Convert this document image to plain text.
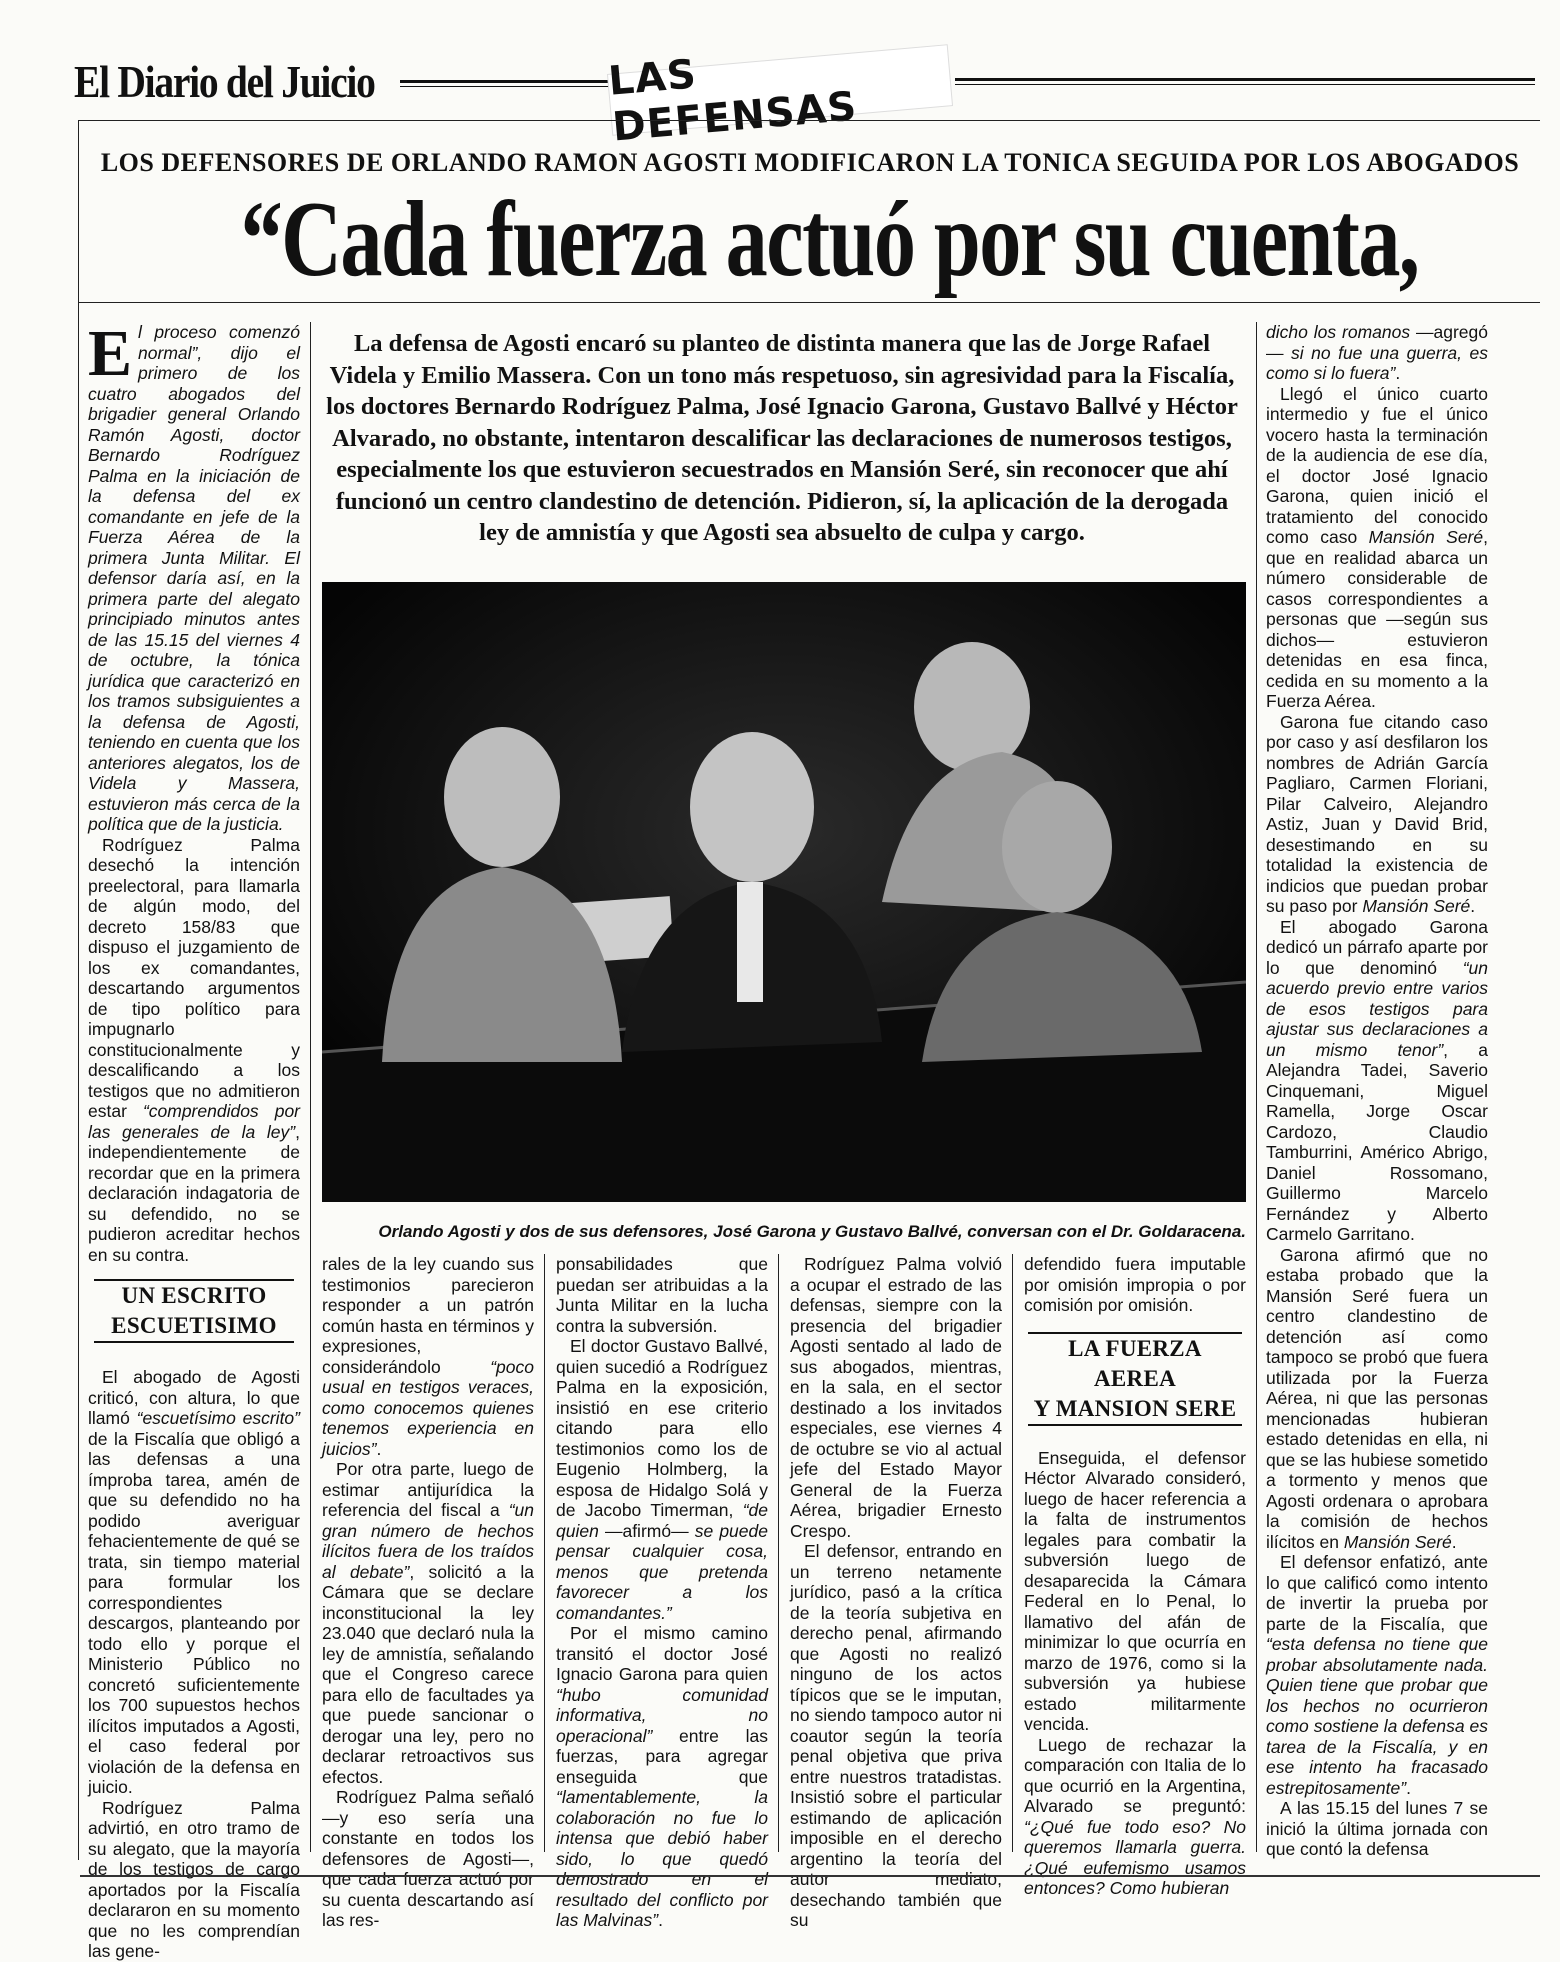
El Diario del Juicio	LAS DEFENSAS
LOS DEFENSORES DE ORLANDO RAMON AGOSTI MODIFICARON LA TONICA SEGUIDA POR LOS ABOGADOS
“Cada fuerza actuó por su cuenta,

El proceso comenzó normal”, dijo el primero de los cuatro abogados del brigadier general Orlando Ramón Agosti, doctor Bernardo Rodríguez Palma en la iniciación de la defensa del ex comandante en jefe de la Fuerza Aérea de la primera Junta Militar. El defensor daría así, en la primera parte del alegato principiado minutos antes de las 15.15 del viernes 4 de octubre, la tónica jurídica que caracterizó en los tramos subsiguientes a la defensa de Agosti, teniendo en cuenta que los anteriores alegatos, los de Videla y Massera, estuvieron más cerca de la política que de la justicia.

Rodríguez Palma desechó la intención preelectoral, para llamarla de algún modo, del decreto 158/83 que dispuso el juzgamiento de los ex comandantes, descartando argumentos de tipo político para impugnarlo constitucionalmente y descalificando a los testigos que no admitieron estar “comprendidos por las generales de la ley”, independientemente de recordar que en la primera declaración indagatoria de su defendido, no se pudieron acreditar hechos en su contra.

UN ESCRITO
ESCUETISIMO

El abogado de Agosti criticó, con altura, lo que llamó “escuetísimo escrito” de la Fiscalía que obligó a las defensas a una ímproba tarea, amén de que su defendido no ha podido averiguar fehacientemente de qué se trata, sin tiempo material para formular los correspondientes descargos, planteando por todo ello y porque el Ministerio Público no concretó suficientemente los 700 supuestos hechos ilícitos imputados a Agosti, el caso federal por violación de la defensa en juicio.

Rodríguez Palma advirtió, en otro tramo de su alegato, que la mayoría de los testigos de cargo aportados por la Fiscalía declararon en su momento que no les comprendían las gene-

La defensa de Agosti encaró su planteo de distinta manera que las de Jorge Rafael Videla y Emilio Massera. Con un tono más respetuoso, sin agresividad para la Fiscalía, los doctores Bernardo Rodríguez Palma, José Ignacio Garona, Gustavo Ballvé y Héctor Alvarado, no obstante, intentaron descalificar las declaraciones de numerosos testigos, especialmente los que estuvieron secuestrados en Mansión Seré, sin reconocer que ahí funcionó un centro clandestino de detención. Pidieron, sí, la aplicación de la derogada ley de amnistía y que Agosti sea absuelto de culpa y cargo.
Orlando Agosti y dos de sus defensores, José Garona y Gustavo Ballvé, conversan con el Dr. Goldaracena.

rales de la ley cuando sus testimonios parecieron responder a un patrón común hasta en términos y expresiones, considerándolo “poco usual en testigos veraces, como conocemos quienes tenemos experiencia en juicios”.

Por otra parte, luego de estimar antijurídica la referencia del fiscal a “un gran número de hechos ilícitos fuera de los traídos al debate”, solicitó a la Cámara que se declare inconstitucional la ley 23.040 que declaró nula la ley de amnistía, señalando que el Congreso carece para ello de facultades ya que puede sancionar o derogar una ley, pero no declarar retroactivos sus efectos.

Rodríguez Palma señaló —y eso sería una constante en todos los defensores de Agosti—, que cada fuerza actuó por su cuenta descartando así las res-

ponsabilidades que puedan ser atribuidas a la Junta Militar en la lucha contra la subversión.

El doctor Gustavo Ballvé, quien sucedió a Rodríguez Palma en la exposición, insistió en ese criterio citando para ello testimonios como los de Eugenio Holmberg, la esposa de Hidalgo Solá y de Jacobo Timerman, “de quien —afirmó— se puede pensar cualquier cosa, menos que pretenda favorecer a los comandantes.”

Por el mismo camino transitó el doctor José Ignacio Garona para quien “hubo comunidad informativa, no operacional” entre las fuerzas, para agregar enseguida que “lamentablemente, la colaboración no fue lo intensa que debió haber sido, lo que quedó demostrado en el resultado del conflicto por las Malvinas”.

Rodríguez Palma volvió a ocupar el estrado de las defensas, siempre con la presencia del brigadier Agosti sentado al lado de sus abogados, mientras, en la sala, en el sector destinado a los invitados especiales, ese viernes 4 de octubre se vio al actual jefe del Estado Mayor General de la Fuerza Aérea, brigadier Ernesto Crespo.

El defensor, entrando en un terreno netamente jurídico, pasó a la crítica de la teoría subjetiva en derecho penal, afirmando que Agosti no realizó ninguno de los actos típicos que se le imputan, no siendo tampoco autor ni coautor según la teoría penal objetiva que priva entre nuestros tratadistas. Insistió sobre el particular estimando de aplicación imposible en el derecho argentino la teoría del autor mediato, desechando también que su

defendido fuera imputable por omisión impropia o por comisión por omisión.

LA FUERZA AEREA
Y MANSION SERE

Enseguida, el defensor Héctor Alvarado consideró, luego de hacer referencia a la falta de instrumentos legales para combatir la subversión luego de desaparecida la Cámara Federal en lo Penal, lo llamativo del afán de minimizar lo que ocurría en marzo de 1976, como si la subversión ya hubiese estado militarmente vencida.

Luego de rechazar la comparación con Italia de lo que ocurrió en la Argentina, Alvarado se preguntó: “¿Qué fue todo eso? No queremos llamarla guerra. ¿Qué eufemismo usamos entonces? Como hubieran

dicho los romanos —agregó— si no fue una guerra, es como si lo fuera”.

Llegó el único cuarto intermedio y fue el único vocero hasta la terminación de la audiencia de ese día, el doctor José Ignacio Garona, quien inició el tratamiento del conocido como caso Mansión Seré, que en realidad abarca un número considerable de casos correspondientes a personas que —según sus dichos— estuvieron detenidas en esa finca, cedida en su momento a la Fuerza Aérea.

Garona fue citando caso por caso y así desfilaron los nombres de Adrián García Pagliaro, Carmen Floriani, Pilar Calveiro, Alejandro Astiz, Juan y David Brid, desestimando en su totalidad la existencia de indicios que puedan probar su paso por Mansión Seré.

El abogado Garona dedicó un párrafo aparte por lo que denominó “un acuerdo previo entre varios de esos testigos para ajustar sus declaraciones a un mismo tenor”, a Alejandra Tadei, Saverio Cinquemani, Miguel Ramella, Jorge Oscar Cardozo, Claudio Tamburrini, Américo Abrigo, Daniel Rossomano, Guillermo Marcelo Fernández y Alberto Carmelo Garritano.

Garona afirmó que no estaba probado que la Mansión Seré fuera un centro clandestino de detención así como tampoco se probó que fuera utilizada por la Fuerza Aérea, ni que las personas mencionadas hubieran estado detenidas en ella, ni que se las hubiese sometido a tormento y menos que Agosti ordenara o aprobara la comisión de hechos ilícitos en Mansión Seré.

El defensor enfatizó, ante lo que calificó como intento de invertir la prueba por parte de la Fiscalía, que “esta defensa no tiene que probar absolutamente nada. Quien tiene que probar que los hechos no ocurrieron como sostiene la defensa es tarea de la Fiscalía, y en ese intento ha fracasado estrepitosamente”.

A las 15.15 del lunes 7 se inició la última jornada con que contó la defensa
